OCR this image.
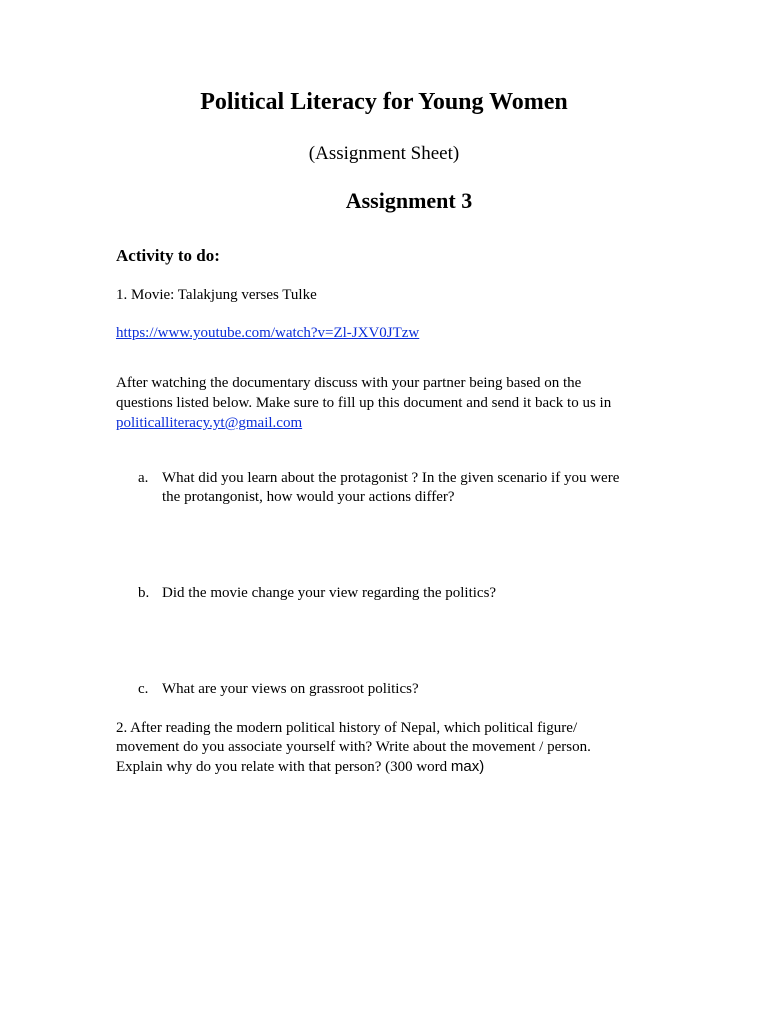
Political Literacy for Young Women
(Assignment Sheet)
Assignment 3
Activity to do:
1. Movie: Talakjung verses Tulke
https://www.youtube.com/watch?v=Zl-JXV0JTzw
After watching the documentary discuss with your partner being based on the
questions listed below. Make sure to fill up this document and send it back to us in
politicalliteracy.yt@gmail.com
a. What did you learn about the protagonist ? In the given scenario if you were
the protangonist, how would your actions differ?
b. Did the movie change your view regarding the politics?
c. What are your views on grassroot politics?
2. After reading the modern political history of Nepal, which political figure/
movement do you associate yourself with? Write about the movement / person.
Explain why do you relate with that person? (300 word max)
